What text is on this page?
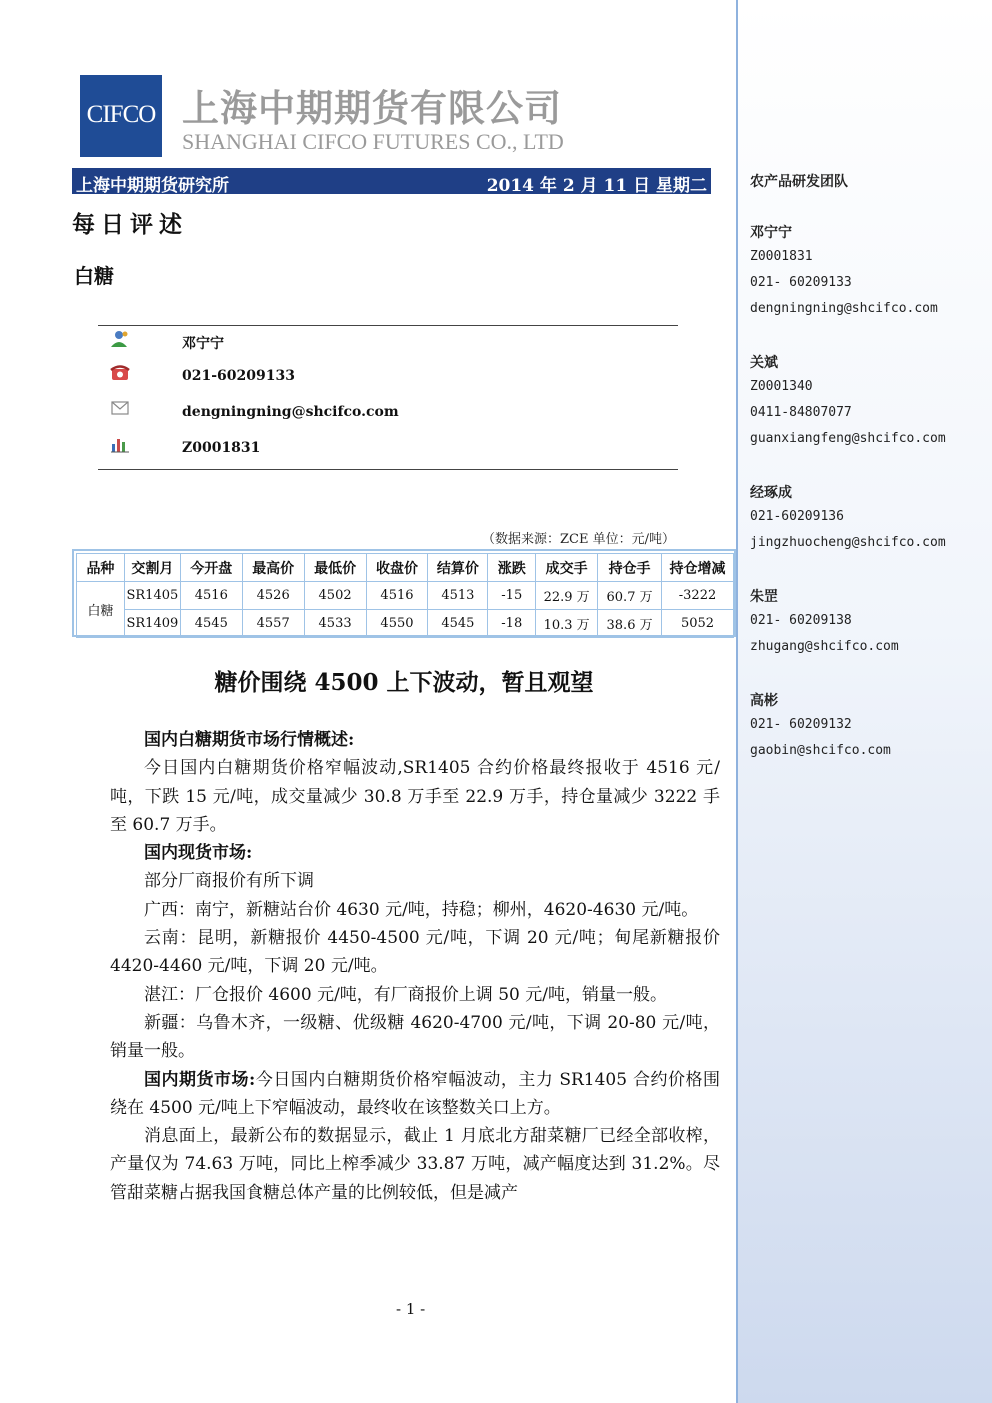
CIFCO 上海中期期货有限公司
SHANGHAI CIFCO FUTURES CO., LTD
上海中期期货研究所	2014 年 2 月 11 日 星期二
每日评述
白糖
邓宁宁
021-60209133
dengningning@shcifco.com
Z0001831
（数据来源：ZCE 单位：元/吨）
品种	交割月	今开盘	最高价	最低价	收盘价	结算价	涨跌	成交手	持仓手	持仓增减
白糖	SR1405	4516	4526	4502	4516	4513	-15	22.9 万	60.7 万	-3222
	SR1409	4545	4557	4533	4550	4545	-18	10.3 万	38.6 万	5052
糖价围绕 4500 上下波动，暂且观望

国内白糖期货市场行情概述:

今日国内白糖期货价格窄幅波动,SR1405 合约价格最终报收于 4516 元/吨，下跌 15 元/吨，成交量减少 30.8 万手至 22.9 万手，持仓量减少 3222 手至 60.7 万手。

国内现货市场:

部分厂商报价有所下调

广西：南宁，新糖站台价 4630 元/吨，持稳；柳州，4620-4630 元/吨。

云南：昆明，新糖报价 4450-4500 元/吨，下调 20 元/吨；甸尾新糖报价 4420-4460 元/吨，下调 20 元/吨。

湛江：厂仓报价 4600 元/吨，有厂商报价上调 50 元/吨，销量一般。

新疆：乌鲁木齐，一级糖、优级糖 4620-4700 元/吨，下调 20-80 元/吨，销量一般。

国内期货市场:今日国内白糖期货价格窄幅波动，主力 SR1405 合约价格围绕在 4500 元/吨上下窄幅波动，最终收在该整数关口上方。

消息面上，最新公布的数据显示，截止 1 月底北方甜菜糖厂已经全部收榨，产量仅为 74.63 万吨，同比上榨季减少 33.87 万吨，减产幅度达到 31.2%。尽管甜菜糖占据我国食糖总体产量的比例较低，但是减产

- 1 -
农产品研发团队
邓宁宁
Z0001831
021- 60209133
dengningning@shcifco.com
关斌
Z0001340
0411-84807077
guanxiangfeng@shcifco.com
经琢成
021-60209136
jingzhuocheng@shcifco.com
朱罡
021- 60209138
zhugang@shcifco.com
高彬
021- 60209132
gaobin@shcifco.com
